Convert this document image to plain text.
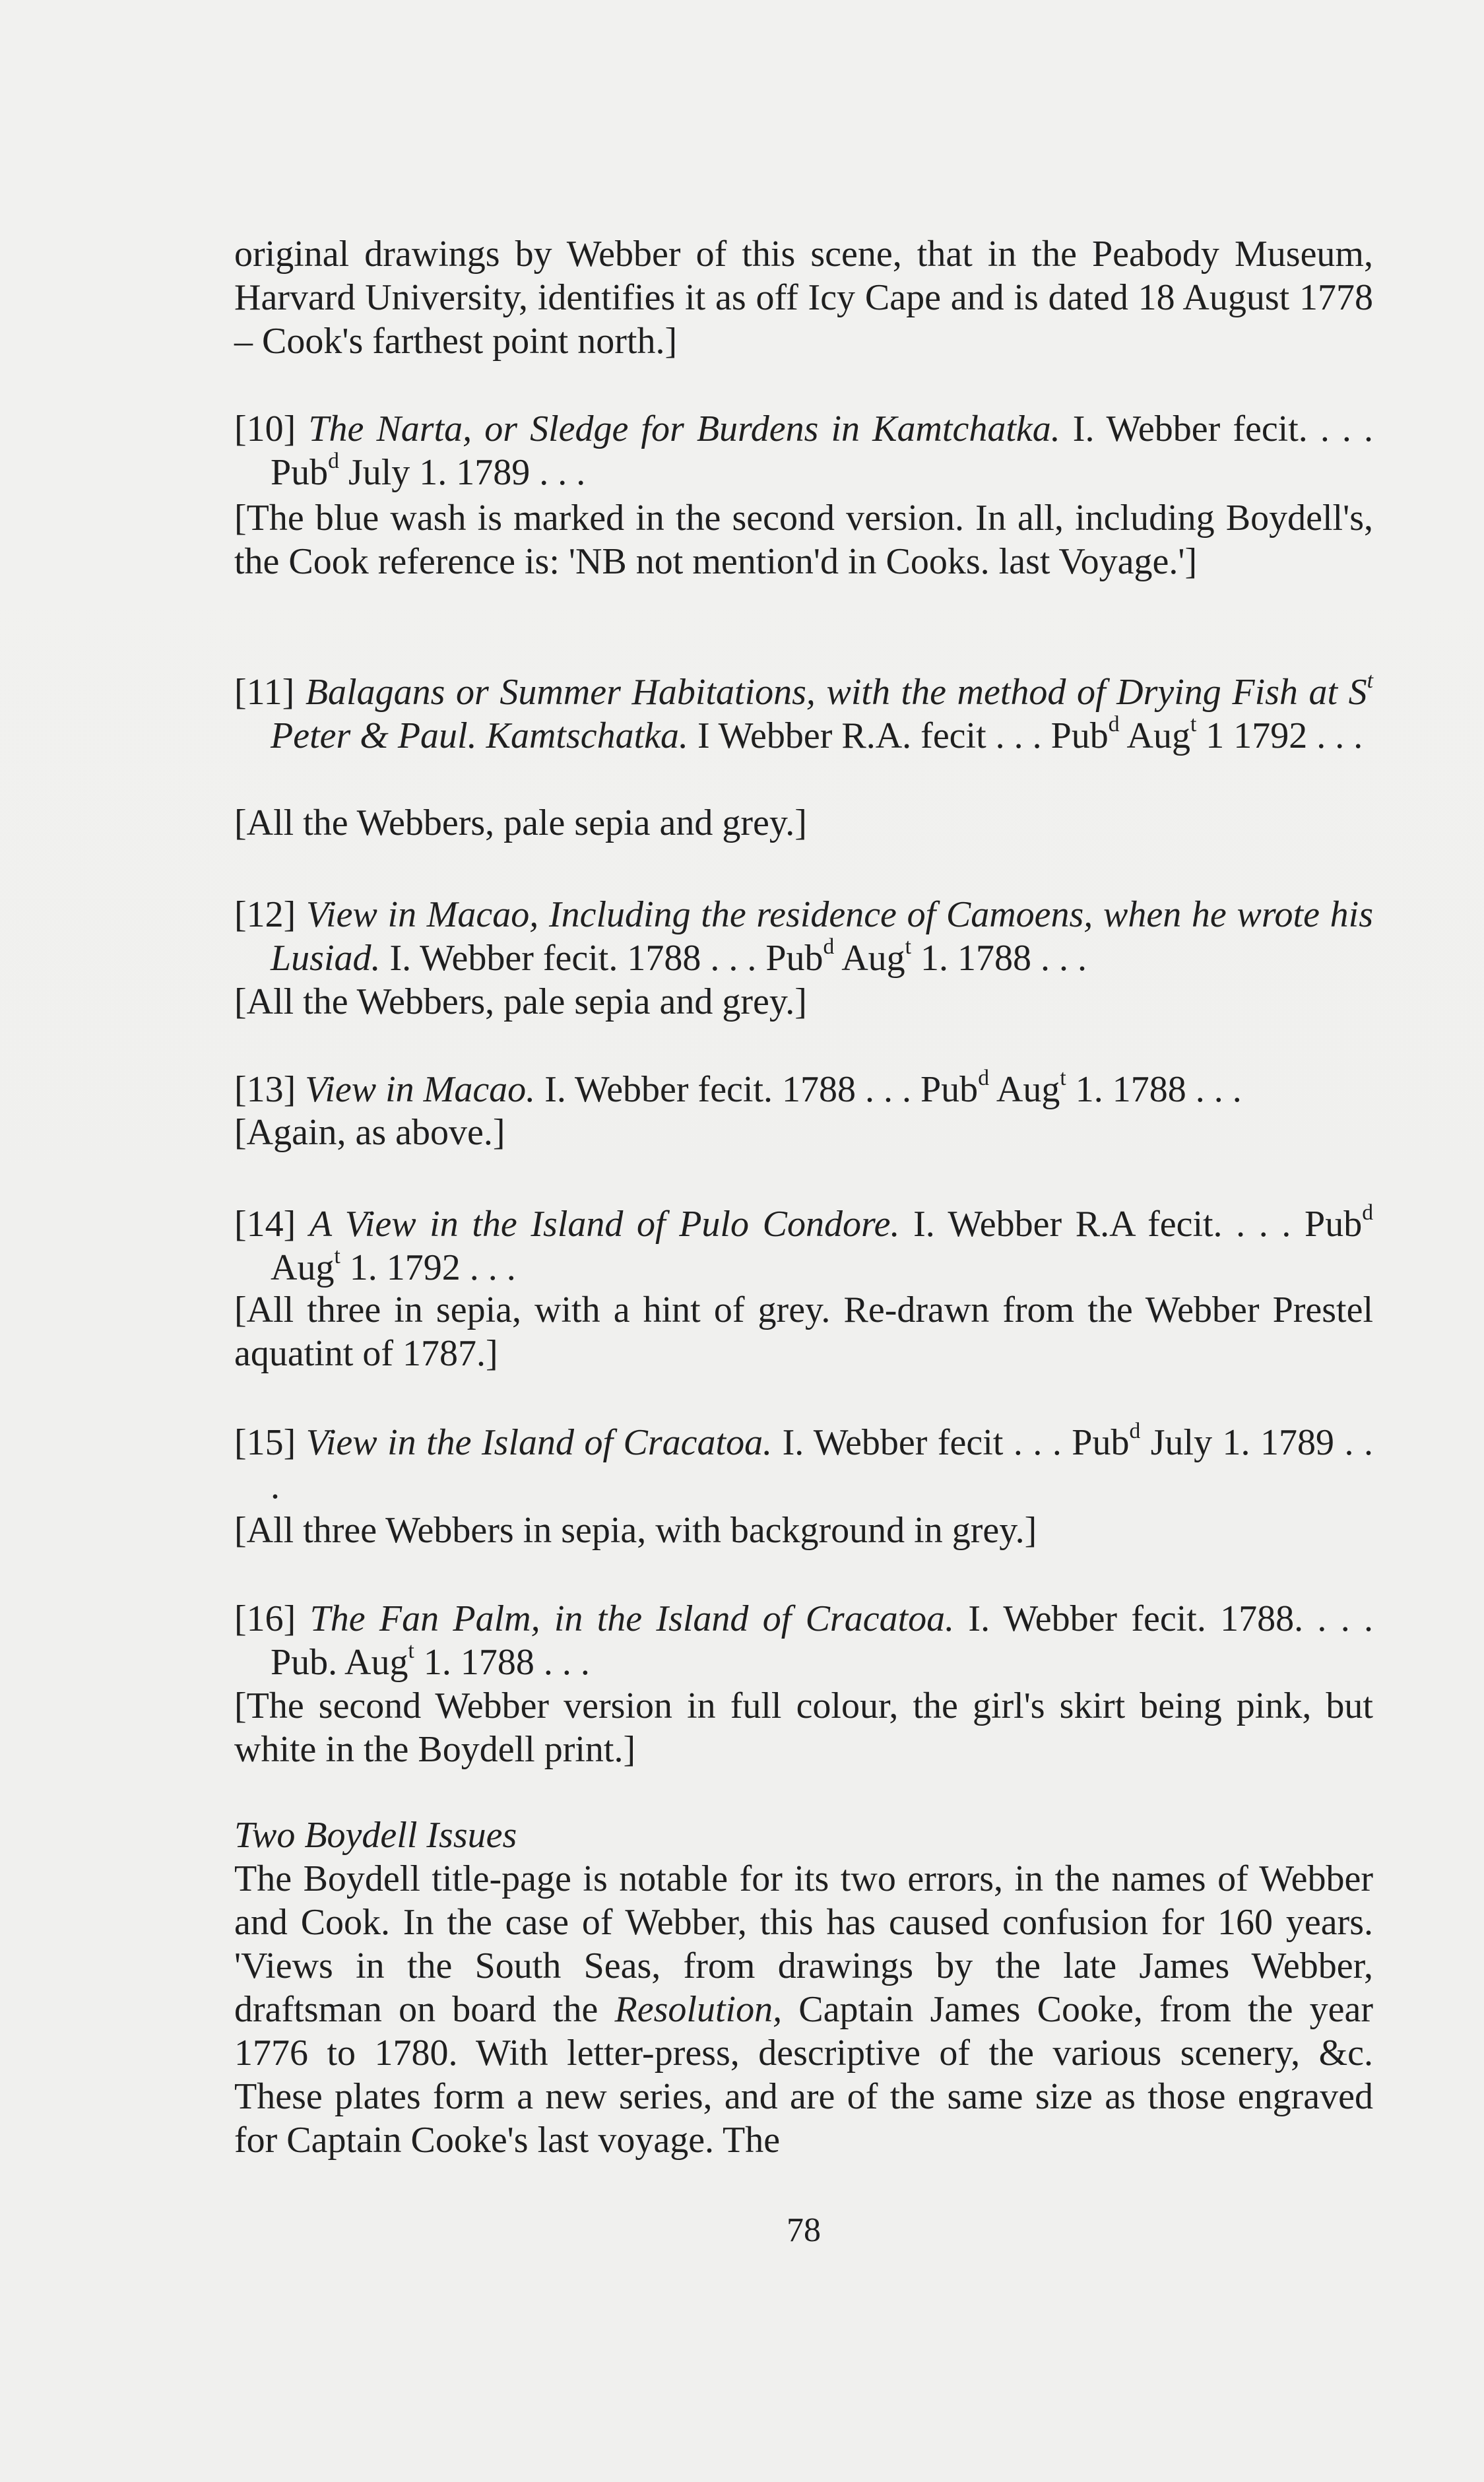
original drawings by Webber of this scene, that in the Peabody Museum, Harvard University, identifies it as off Icy Cape and is dated 18 August 1778 – Cook's farthest point north.]

[10] The Narta, or Sledge for Burdens in Kamtchatka. I. Webber fecit. . . . Pub$^d$ July 1. 1789 . . .

[The blue wash is marked in the second version. In all, including Boydell's, the Cook reference is: 'NB not mention'd in Cooks. last Voyage.']

[11] Balagans or Summer Habitations, with the method of Drying Fish at $S^t$ Peter & Paul. Kamtschatka. I Webber R.A. fecit . . . Pub$^d$ Aug$^t$ 1 1792 . . .

[All the Webbers, pale sepia and grey.]

[12] View in Macao, Including the residence of Camoens, when he wrote his Lusiad. I. Webber fecit. 1788 . . . Pub$^d$ Aug$^t$ 1. 1788 . . .

[All the Webbers, pale sepia and grey.]

[13] View in Macao. I. Webber fecit. 1788 . . . Pub$^d$ Aug$^t$ 1. 1788 . . .

[Again, as above.]

[14] A View in the Island of Pulo Condore. I. Webber R.A fecit. . . . Pub$^d$ Aug$^t$ 1. 1792 . . .

[All three in sepia, with a hint of grey. Re-drawn from the Webber Prestel aquatint of 1787.]

[15] View in the Island of Cracatoa. I. Webber fecit . . . Pub$^d$ July 1. 1789 . . .

[All three Webbers in sepia, with background in grey.]

[16] The Fan Palm, in the Island of Cracatoa. I. Webber fecit. 1788. . . . Pub. Aug$^t$ 1. 1788 . . .

[The second Webber version in full colour, the girl's skirt being pink, but white in the Boydell print.]

Two Boydell Issues

The Boydell title-page is notable for its two errors, in the names of Webber and Cook. In the case of Webber, this has caused confusion for 160 years. 'Views in the South Seas, from drawings by the late James Webber, draftsman on board the Resolution, Captain James Cooke, from the year 1776 to 1780. With letter-press, descriptive of the various scenery, &c. These plates form a new series, and are of the same size as those engraved for Captain Cooke's last voyage. The

78
